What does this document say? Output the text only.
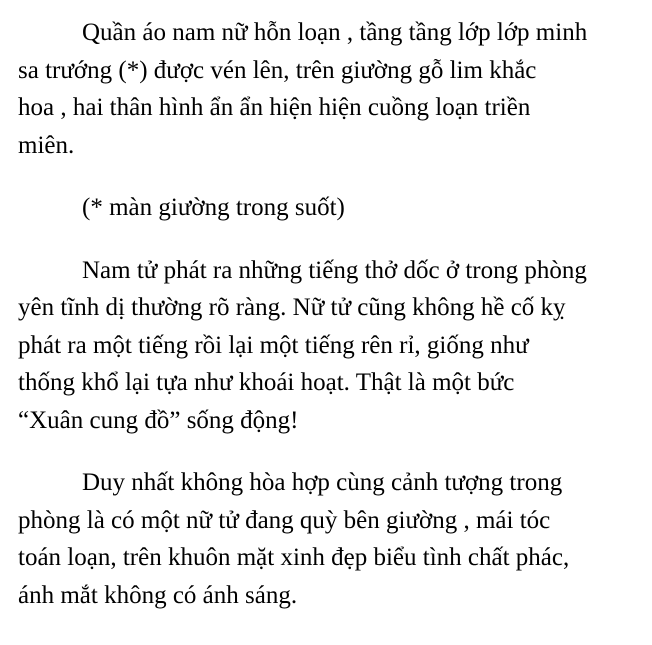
Quần áo nam nữ hỗn loạn , tầng tầng lớp lớp minh
sa trướng (*) được vén lên, trên giường gỗ lim khắc
hoa , hai thân hình ẩn ẩn hiện hiện cuồng loạn triền
miên.
(* màn giường trong suốt)
Nam tử phát ra những tiếng thở dốc ở trong phòng
yên tĩnh dị thường rõ ràng. Nữ tử cũng không hề cố kỵ
phát ra một tiếng rồi lại một tiếng rên rỉ, giống như
thống khổ lại tựa như khoái hoạt. Thật là một bức
“Xuân cung đồ” sống động!
Duy nhất không hòa hợp cùng cảnh tượng trong
phòng là có một nữ tử đang quỳ bên giường , mái tóc
toán loạn, trên khuôn mặt xinh đẹp biểu tình chất phác,
ánh mắt không có ánh sáng.
